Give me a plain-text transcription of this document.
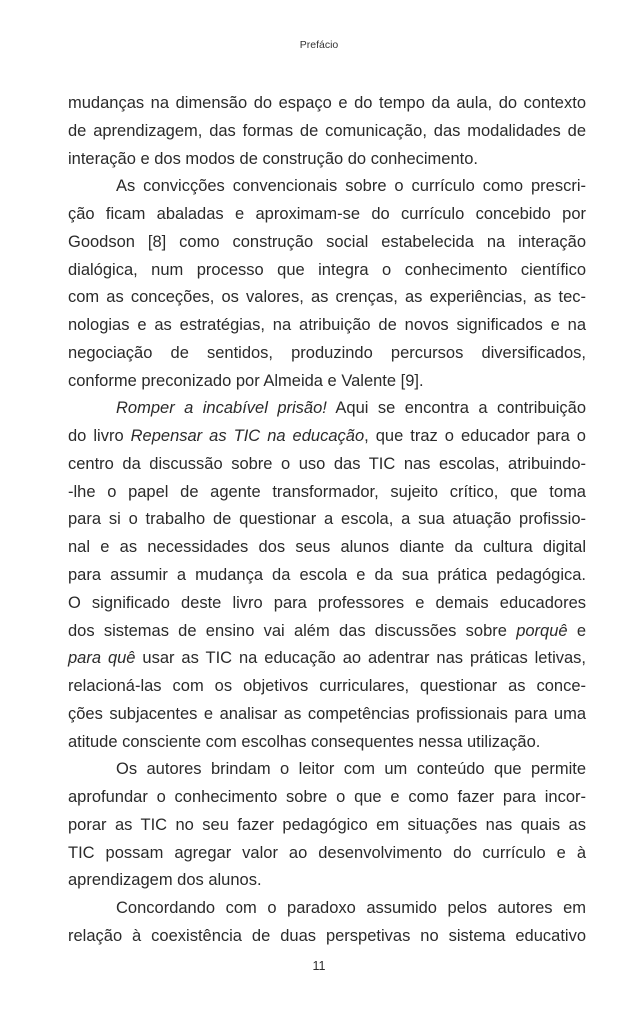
Prefácio
mudanças na dimensão do espaço e do tempo da aula, do contexto
de aprendizagem, das formas de comunicação, das modalidades de
interação e dos modos de construção do conhecimento.
As convicções convencionais sobre o currículo como prescri-
ção ficam abaladas e aproximam-se do currículo concebido por
Goodson [8] como construção social estabelecida na interação
dialógica, num processo que integra o conhecimento científico
com as conceções, os valores, as crenças, as experiências, as tec-
nologias e as estratégias, na atribuição de novos significados e na
negociação de sentidos, produzindo percursos diversificados,
conforme preconizado por Almeida e Valente [9].
Romper a incabível prisão! Aqui se encontra a contribuição
do livro Repensar as TIC na educação, que traz o educador para o
centro da discussão sobre o uso das TIC nas escolas, atribuindo-
-lhe o papel de agente transformador, sujeito crítico, que toma
para si o trabalho de questionar a escola, a sua atuação profissio-
nal e as necessidades dos seus alunos diante da cultura digital
para assumir a mudança da escola e da sua prática pedagógica.
O significado deste livro para professores e demais educadores
dos sistemas de ensino vai além das discussões sobre porquê e
para quê usar as TIC na educação ao adentrar nas práticas letivas,
relacioná-las com os objetivos curriculares, questionar as conce-
ções subjacentes e analisar as competências profissionais para uma
atitude consciente com escolhas consequentes nessa utilização.
Os autores brindam o leitor com um conteúdo que permite
aprofundar o conhecimento sobre o que e como fazer para incor-
porar as TIC no seu fazer pedagógico em situações nas quais as
TIC possam agregar valor ao desenvolvimento do currículo e à
aprendizagem dos alunos.
Concordando com o paradoxo assumido pelos autores em
relação à coexistência de duas perspetivas no sistema educativo
11
